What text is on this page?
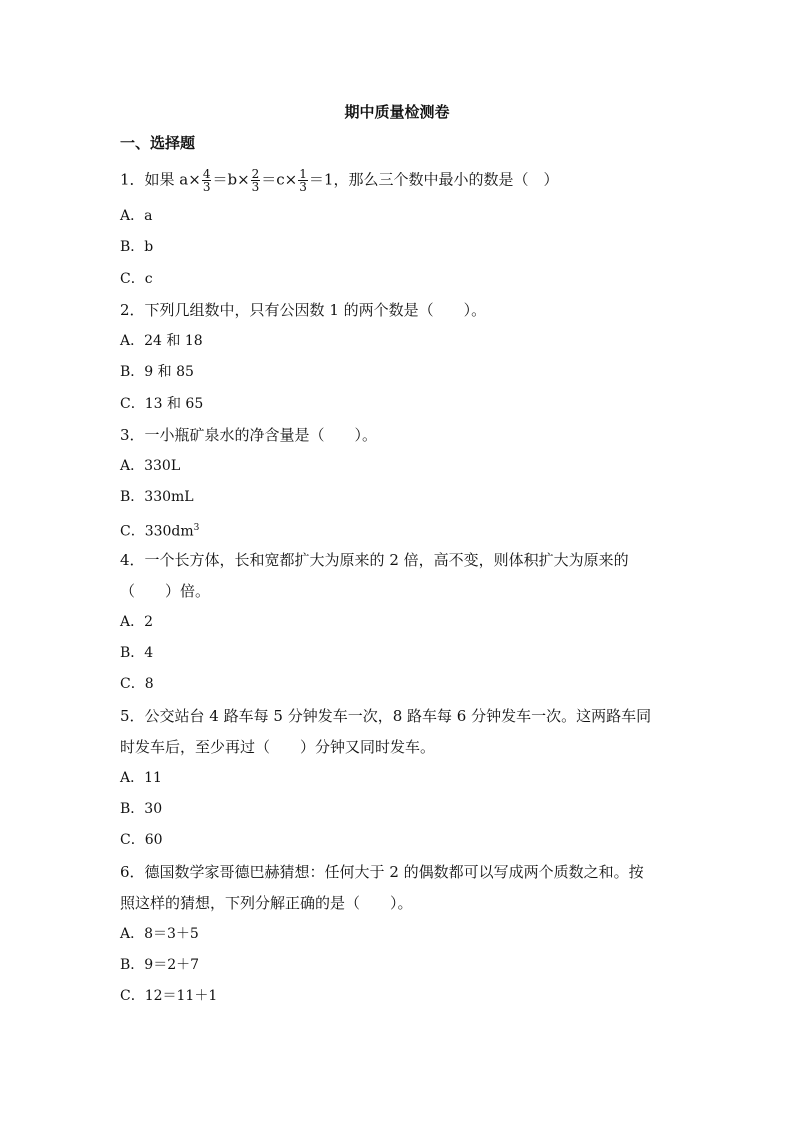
期中质量检测卷
一、选择题
1．如果 $a\times \frac{4}{3} =b\times \frac{2}{3} =c\times \frac{1}{3} =1$，那么三个数中最小的数是（　）
A．a
B．b
C．c
2．下列几组数中，只有公因数 1 的两个数是（　　）。
A．24 和 18
B．9 和 85
C．13 和 65
3．一小瓶矿泉水的净含量是（　　）。
A．330L
B．330mL
C．$330dm^3$
4．一个长方体，长和宽都扩大为原来的 2 倍，高不变，则体积扩大为原来的
（　　）倍。
A．2
B．4
C．8
5．公交站台 4 路车每 5 分钟发车一次，8 路车每 6 分钟发车一次。这两路车同
时发车后，至少再过（　　）分钟又同时发车。
A．11
B．30
C．60
6．德国数学家哥德巴赫猜想：任何大于 2 的偶数都可以写成两个质数之和。按
照这样的猜想，下列分解正确的是（　　）。
A．8＝3＋5
B．9＝2＋7
C．12＝11＋1
